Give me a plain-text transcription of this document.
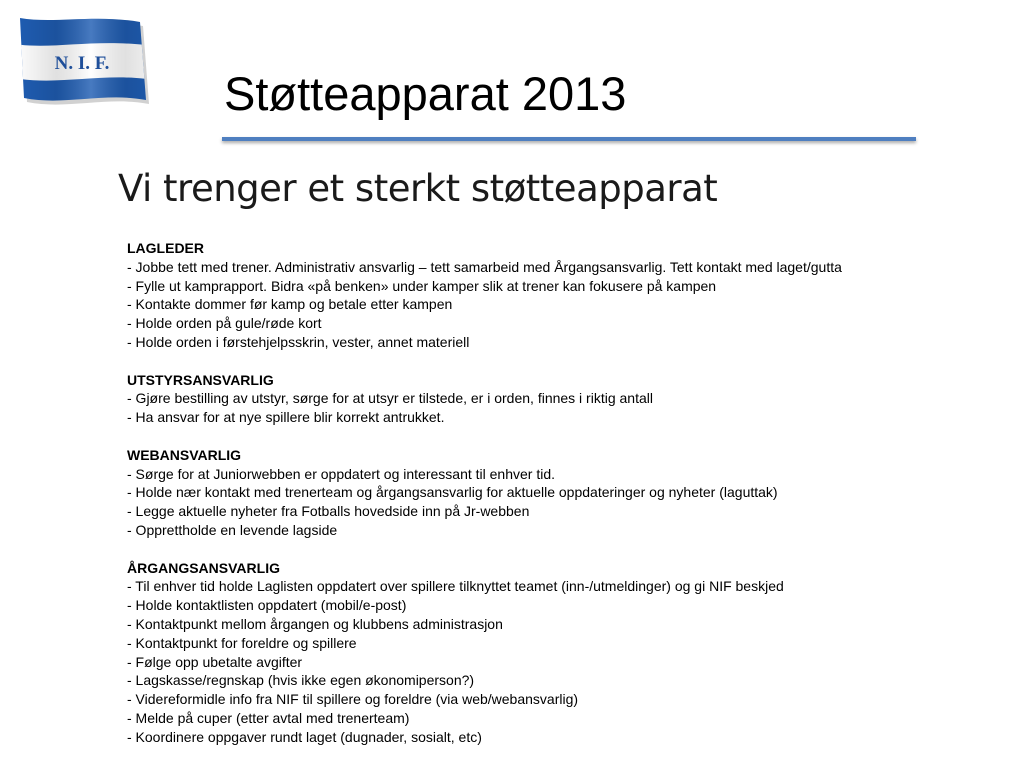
N. I. F.
Støtteapparat 2013
Vi trenger et sterkt støtteapparat
LAGLEDER
- Jobbe tett med trener. Administrativ ansvarlig – tett samarbeid med Årgangsansvarlig. Tett kontakt med laget/gutta
- Fylle ut kamprapport. Bidra «på benken» under kamper slik at trener kan fokusere på kampen
- Kontakte dommer før kamp og betale etter kampen
- Holde orden på gule/røde kort
- Holde orden i førstehjelpsskrin, vester, annet materiell
UTSTYRSANSVARLIG
- Gjøre bestilling av utstyr, sørge for at utsyr er tilstede, er i orden, finnes i riktig antall
- Ha ansvar for at nye spillere blir korrekt antrukket.
WEBANSVARLIG
- Sørge for at Juniorwebben er oppdatert og interessant til enhver tid.
- Holde nær kontakt med trenerteam og årgangsansvarlig for aktuelle oppdateringer og nyheter (laguttak)
- Legge aktuelle nyheter fra Fotballs hovedside inn på Jr-webben
- Opprettholde en levende lagside
ÅRGANGSANSVARLIG
- Til enhver tid holde Laglisten oppdatert over spillere tilknyttet teamet (inn-/utmeldinger) og gi NIF beskjed
- Holde kontaktlisten oppdatert (mobil/e-post)
- Kontaktpunkt mellom årgangen og klubbens administrasjon
- Kontaktpunkt for foreldre og spillere
- Følge opp ubetalte avgifter
- Lagskasse/regnskap (hvis ikke egen økonomiperson?)
- Videreformidle info fra NIF til spillere og foreldre (via web/webansvarlig)
- Melde på cuper (etter avtal med trenerteam)
- Koordinere oppgaver rundt laget (dugnader, sosialt, etc)
